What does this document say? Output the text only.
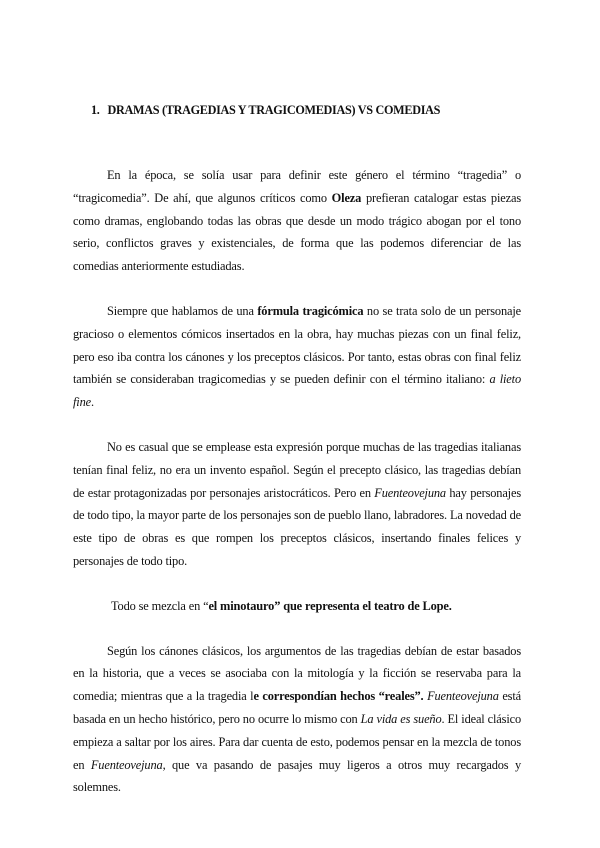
1. DRAMAS (TRAGEDIAS Y TRAGICOMEDIAS) VS COMEDIAS

En la época, se solía usar para definir este género el término “tragedia” o “tragicomedia”. De ahí, que algunos críticos como Oleza prefieran catalogar estas piezas como dramas, englobando todas las obras que desde un modo trágico abogan por el tono serio, conflictos graves y existenciales, de forma que las podemos diferenciar de las comedias anteriormente estudiadas.

Siempre que hablamos de una fórmula tragicómica no se trata solo de un personaje gracioso o elementos cómicos insertados en la obra, hay muchas piezas con un final feliz, pero eso iba contra los cánones y los preceptos clásicos. Por tanto, estas obras con final feliz también se consideraban tragicomedias y se pueden definir con el término italiano: a lieto fine.

No es casual que se emplease esta expresión porque muchas de las tragedias italianas tenían final feliz, no era un invento español. Según el precepto clásico, las tragedias debían de estar protagonizadas por personajes aristocráticos. Pero en Fuenteovejuna hay personajes de todo tipo, la mayor parte de los personajes son de pueblo llano, labradores. La novedad de este tipo de obras es que rompen los preceptos clásicos, insertando finales felices y personajes de todo tipo.

Todo se mezcla en “el minotauro” que representa el teatro de Lope.

Según los cánones clásicos, los argumentos de las tragedias debían de estar basados en la historia, que a veces se asociaba con la mitología y la ficción se reservaba para la comedia; mientras que a la tragedia le correspondían hechos “reales”. Fuenteovejuna está basada en un hecho histórico, pero no ocurre lo mismo con La vida es sueño. El ideal clásico empieza a saltar por los aires. Para dar cuenta de esto, podemos pensar en la mezcla de tonos en Fuenteovejuna, que va pasando de pasajes muy ligeros a otros muy recargados y solemnes.
